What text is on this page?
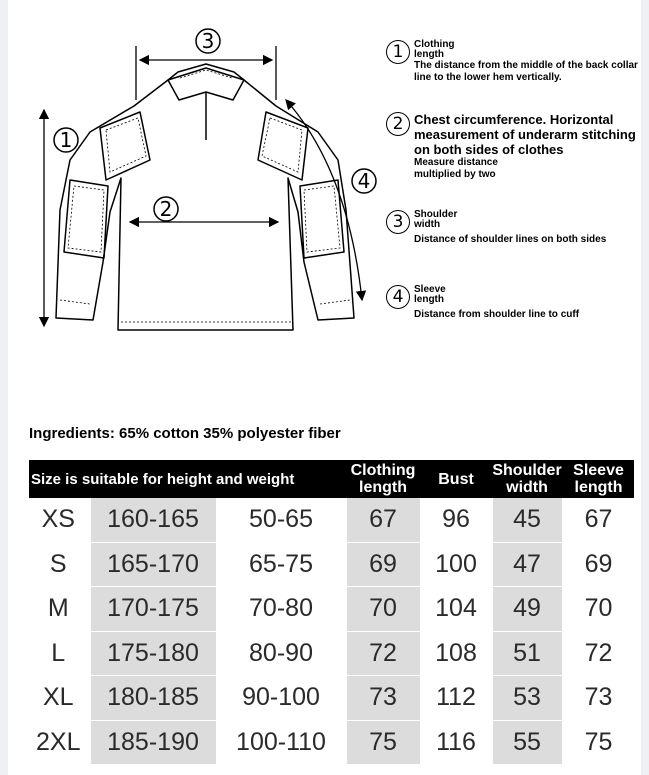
1
2
3
4
1	Clothing length
The distance from the middle of the back collar line to the lower hem vertically.
2 Chest circumference. Horizontal measurement of underarm stitching on both sides of clothes
Measure distance multiplied by two
3	Shoulder width
Distance of shoulder lines on both sides
4	Sleeve length
Distance from shoulder line to cuff
Ingredients: 65% cotton 35% polyester fiber
Size is suitable for height and weight			Clothing length	Bust	Shoulder width	Sleeve length
XS	160-165	50-65	67	96	45	67
S	165-170	65-75	69	100	47	69
M	170-175	70-80	70	104	49	70
L	175-180	80-90	72	108	51	72
XL	180-185	90-100	73	112	53	73
2XL	185-190	100-110	75	116	55	75
